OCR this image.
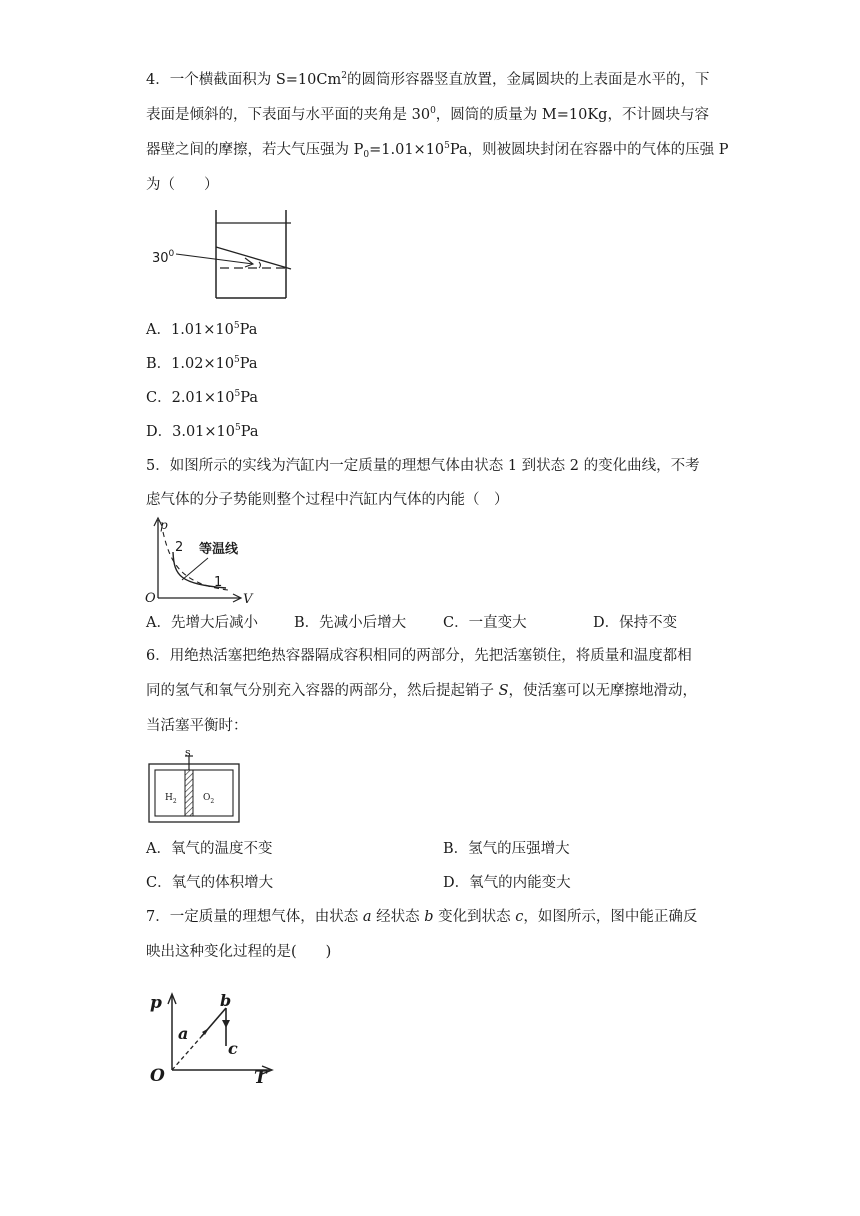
4．一个横截面积为 $S=10Cm^2$的圆筒形容器竖直放置，金属圆块的上表面是水平的，下
表面是倾斜的，下表面与水平面的夹角是 $30^0$，圆筒的质量为 M=10Kg，不计圆块与容
器壁之间的摩擦，若大气压强为 $P_0=1.01\times 10^5Pa$，则被圆块封闭在容器中的气体的压强 P
为（　　）
$30^0$
A．$1.01\times 10^5Pa$
B．$1.02\times 10^5Pa$
C．$2.01\times 10^5Pa$
D．$3.01\times 10^5Pa$
5．如图所示的实线为汽缸内一定质量的理想气体由状态 1 到状态 2 的变化曲线，不考
虑气体的分子势能则整个过程中汽缸内气体的内能（　）
p
2 等温线
1
O	V
A．先增大后减小 B．先减小后增大	C．一直变大	D．保持不变
6．用绝热活塞把绝热容器隔成容积相同的两部分，先把活塞锁住，将质量和温度都相
同的氢气和氧气分别充入容器的两部分，然后提起销子 S，使活塞可以无摩擦地滑动，
当活塞平衡时：
s
$H_2$	$O_2$
A．氧气的温度不变	B．氢气的压强增大
C．氧气的体积增大	D．氧气的内能变大
7．一定质量的理想气体，由状态 a 经状态 b 变化到状态 c，如图所示，图中能正确反
映出这种变化过程的是(　　)
p	b
a
c
O	T
